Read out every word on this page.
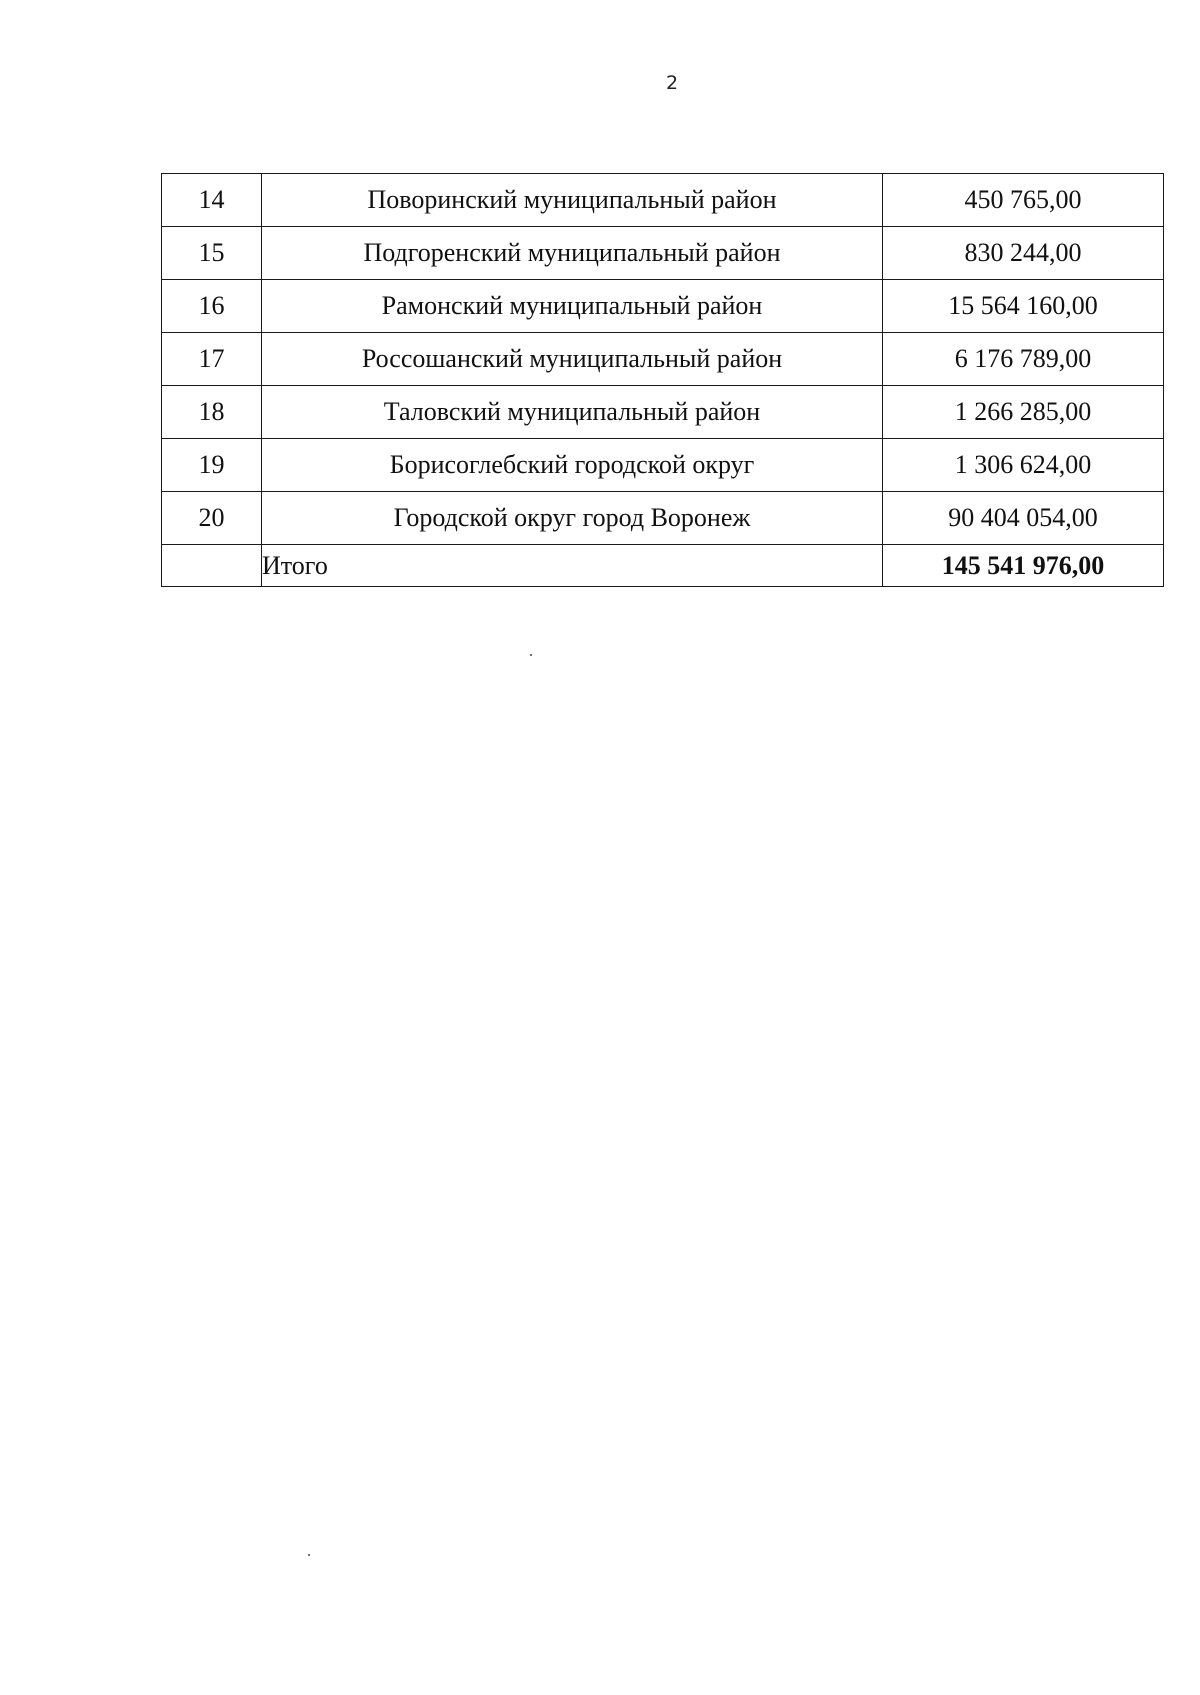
2
14	Поворинский муниципальный район	450 765,00
15	Подгоренский муниципальный район	830 244,00
16	Рамонский муниципальный район	15 564 160,00
17	Россошанский муниципальный район	6 176 789,00
18	Таловский муниципальный район	1 266 285,00
19	Борисоглебский городской округ	1 306 624,00
20	Городской округ город Воронеж	90 404 054,00
	Итого	145 541 976,00
